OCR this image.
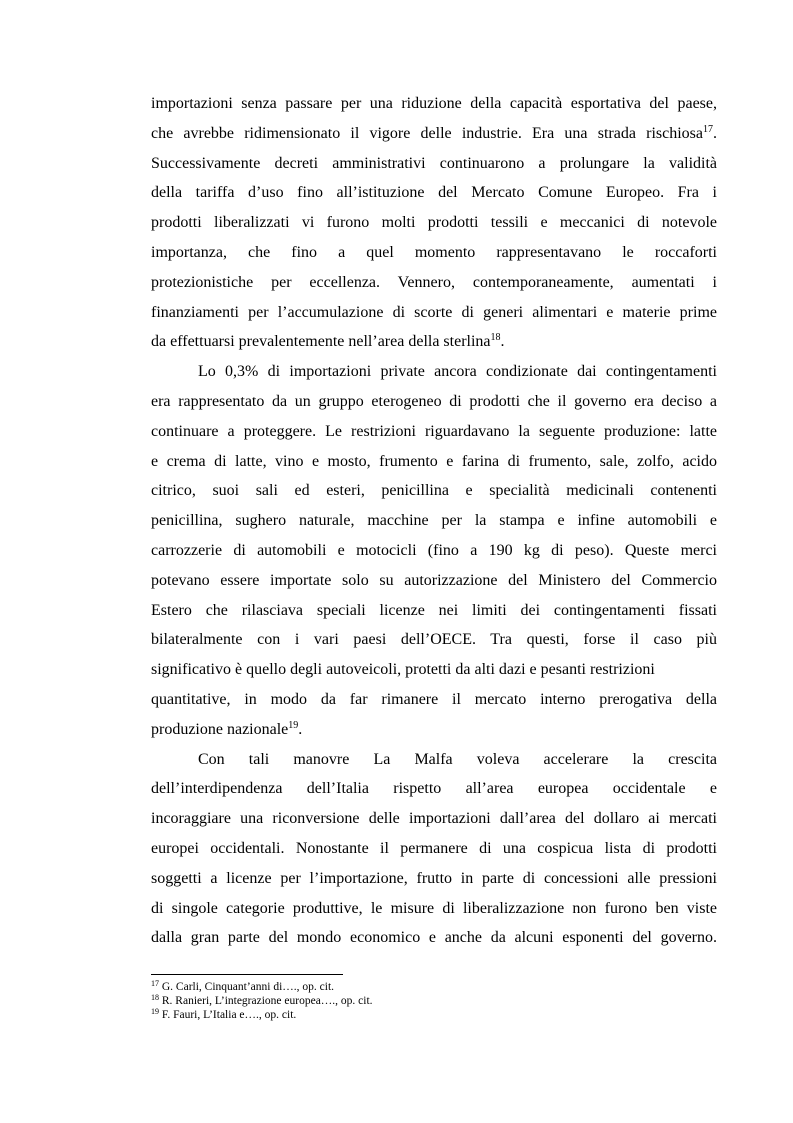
importazioni senza passare per una riduzione della capacità esportativa del paese,
che avrebbe ridimensionato il vigore delle industrie. Era una strada rischiosa$^{17}$.
Successivamente decreti amministrativi continuarono a prolungare la validità
della tariffa d’uso fino all’istituzione del Mercato Comune Europeo. Fra i
prodotti liberalizzati vi furono molti prodotti tessili e meccanici di notevole
importanza, che fino a quel momento rappresentavano le roccaforti
protezionistiche per eccellenza. Vennero, contemporaneamente, aumentati i
finanziamenti per l’accumulazione di scorte di generi alimentari e materie prime
da effettuarsi prevalentemente nell’area della sterlina$^{18}$.
Lo 0,3% di importazioni private ancora condizionate dai contingentamenti
era rappresentato da un gruppo eterogeneo di prodotti che il governo era deciso a
continuare a proteggere. Le restrizioni riguardavano la seguente produzione: latte
e crema di latte, vino e mosto, frumento e farina di frumento, sale, zolfo, acido
citrico, suoi sali ed esteri, penicillina e specialità medicinali contenenti
penicillina, sughero naturale, macchine per la stampa e infine automobili e
carrozzerie di automobili e motocicli (fino a 190 kg di peso). Queste merci
potevano essere importate solo su autorizzazione del Ministero del Commercio
Estero che rilasciava speciali licenze nei limiti dei contingentamenti fissati
bilateralmente con i vari paesi dell’OECE. Tra questi, forse il caso più
significativo è quello degli autoveicoli, protetti da alti dazi e pesanti restrizioni
quantitative, in modo da far rimanere il mercato interno prerogativa della
produzione nazionale$^{19}$.
Con tali manovre La Malfa voleva accelerare la crescita
dell’interdipendenza dell’Italia rispetto all’area europea occidentale e
incoraggiare una riconversione delle importazioni dall’area del dollaro ai mercati
europei occidentali. Nonostante il permanere di una cospicua lista di prodotti
soggetti a licenze per l’importazione, frutto in parte di concessioni alle pressioni
di singole categorie produttive, le misure di liberalizzazione non furono ben viste
dalla gran parte del mondo economico e anche da alcuni esponenti del governo.
$^{17}$ G. Carli, Cinquant’anni di…., op. cit.
$^{18}$ R. Ranieri, L’integrazione europea…., op. cit.
$^{19}$ F. Fauri, L’Italia e…., op. cit.
